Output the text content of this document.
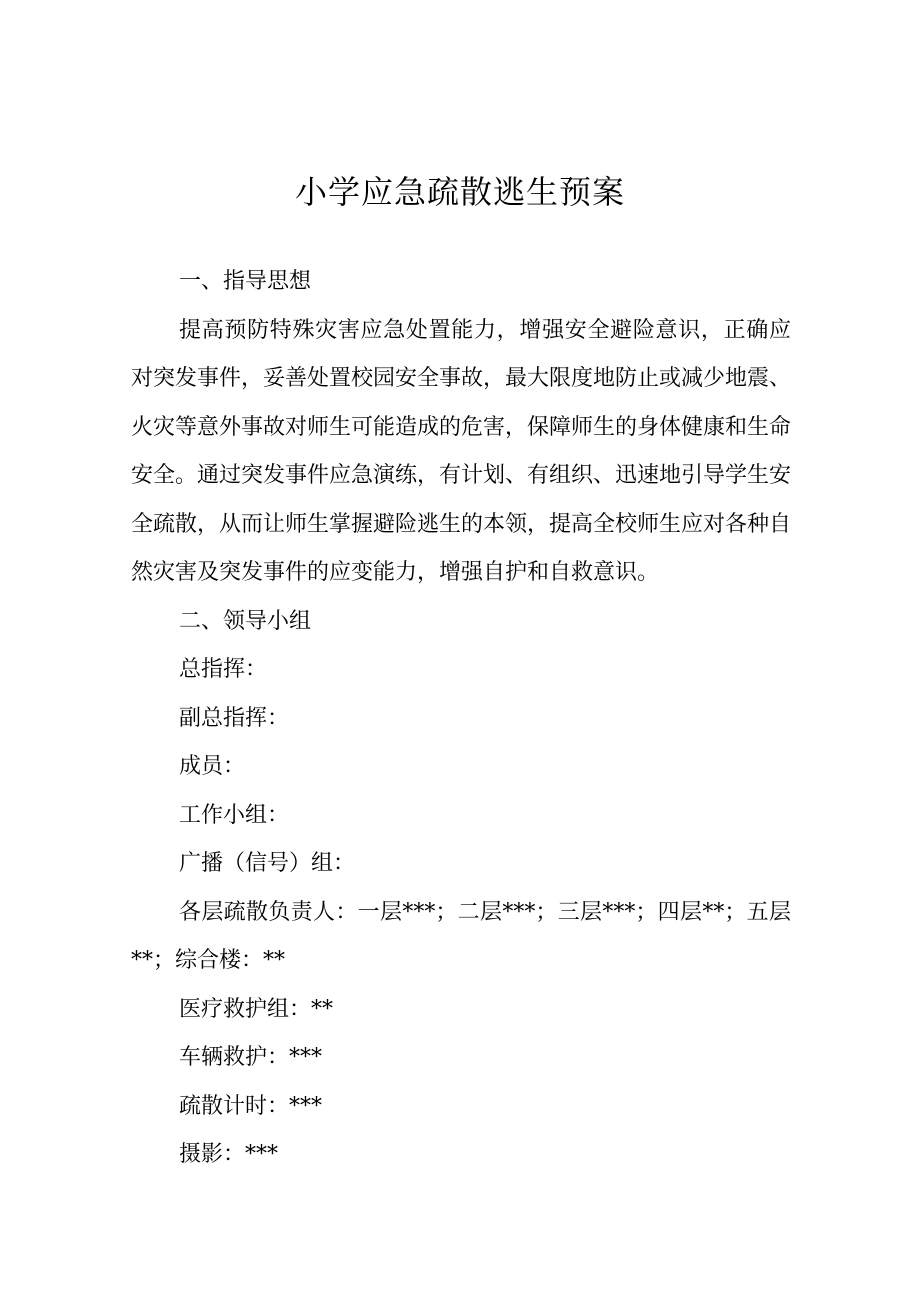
小学应急疏散逃生预案

一、指导思想

提高预防特殊灾害应急处置能力，增强安全避险意识，正确应对突发事件，妥善处置校园安全事故，最大限度地防止或减少地震、火灾等意外事故对师生可能造成的危害，保障师生的身体健康和生命安全。通过突发事件应急演练，有计划、有组织、迅速地引导学生安全疏散，从而让师生掌握避险逃生的本领，提高全校师生应对各种自然灾害及突发事件的应变能力，增强自护和自救意识。

二、领导小组

总指挥：

副总指挥：

成员：

工作小组：

广播（信号）组：

各层疏散负责人：一层***；二层***；三层***；四层**；五层**；综合楼：**

医疗救护组：**

车辆救护：***

疏散计时：***

摄影：***
